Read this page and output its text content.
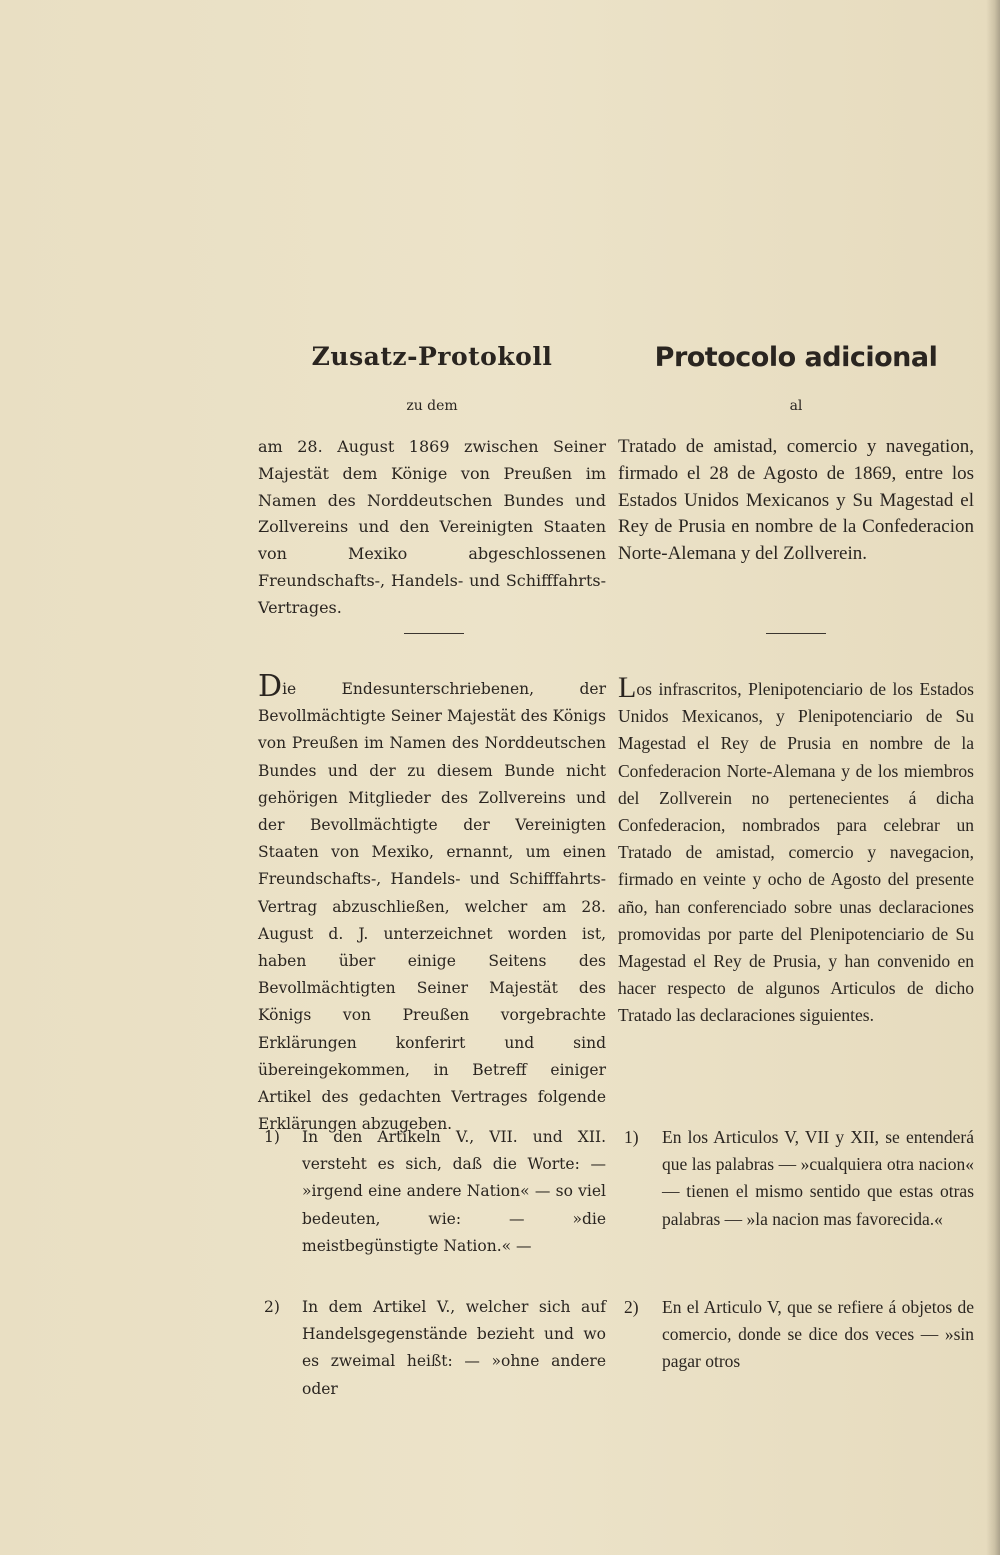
Zusatz-Protokoll
zu dem
am 28. August 1869 zwischen Seiner Majestät dem Könige von Preußen im Namen des Norddeutschen Bundes und Zollvereins und den Vereinigten Staaten von Mexiko abgeschlossenen Freundschafts-, Handels- und Schifffahrts-Vertrages.
Die Endesunterschriebenen, der Bevollmächtigte Seiner Majestät des Königs von Preußen im Namen des Norddeutschen Bundes und der zu diesem Bunde nicht gehörigen Mitglieder des Zollvereins und der Bevollmächtigte der Vereinigten Staaten von Mexiko, ernannt, um einen Freundschafts-, Handels- und Schifffahrts-Vertrag abzuschließen, welcher am 28. August d. J. unterzeichnet worden ist, haben über einige Seitens des Bevollmächtigten Seiner Majestät des Königs von Preußen vorgebrachte Erklärungen konferirt und sind übereingekommen, in Betreff einiger Artikel des gedachten Vertrages folgende Erklärungen abzugeben.
1) In den Artikeln V., VII. und XII. versteht es sich, daß die Worte: — »irgend eine andere Nation« — so viel bedeuten, wie: — »die meistbegünstigte Nation.« —
2) In dem Artikel V., welcher sich auf Handelsgegenstände bezieht und wo es zweimal heißt: — »ohne andere oder
Protocolo adicional
al
Tratado de amistad, comercio y navegation, firmado el 28 de Agosto de 1869, entre los Estados Unidos Mexicanos y Su Magestad el Rey de Prusia en nombre de la Confederacion Norte-Alemana y del Zollverein.
Los infrascritos, Plenipotenciario de los Estados Unidos Mexicanos, y Plenipotenciario de Su Magestad el Rey de Prusia en nombre de la Confederacion Norte-Alemana y de los miembros del Zollverein no pertenecientes á dicha Confederacion, nombrados para celebrar un Tratado de amistad, comercio y navegacion, firmado en veinte y ocho de Agosto del presente año, han conferenciado sobre unas declaraciones promovidas por parte del Plenipotenciario de Su Magestad el Rey de Prusia, y han convenido en hacer respecto de algunos Articulos de dicho Tratado las declaraciones siguientes.
1) En los Articulos V, VII y XII, se entenderá que las palabras — »cualquiera otra nacion« — tienen el mismo sentido que estas otras palabras — »la nacion mas favorecida.«
2) En el Articulo V, que se refiere á objetos de comercio, donde se dice dos veces — »sin pagar otros
